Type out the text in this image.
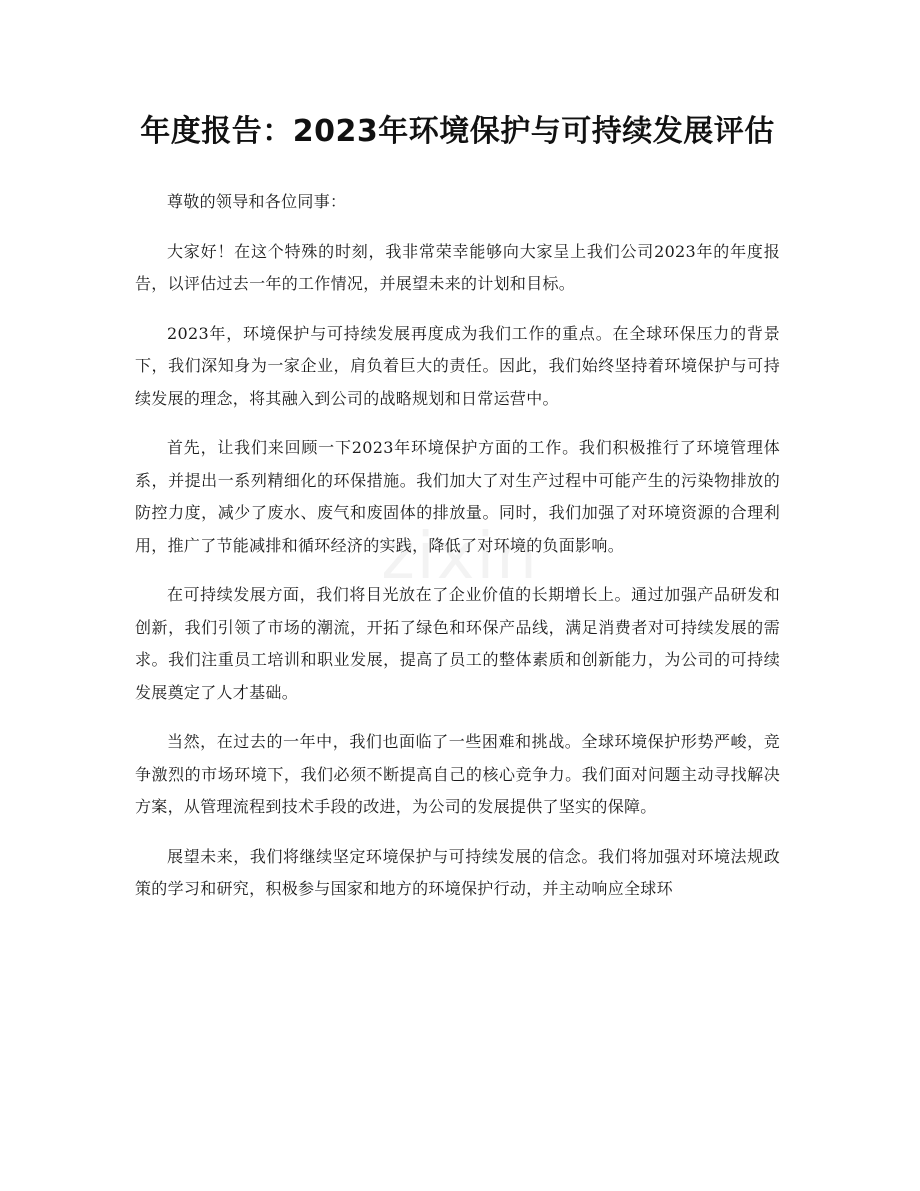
年度报告：2023年环境保护与可持续发展评估

尊敬的领导和各位同事：

大家好！在这个特殊的时刻，我非常荣幸能够向大家呈上我们公司2023年的年度报告，以评估过去一年的工作情况，并展望未来的计划和目标。

2023年，环境保护与可持续发展再度成为我们工作的重点。在全球环保压力的背景下，我们深知身为一家企业，肩负着巨大的责任。因此，我们始终坚持着环境保护与可持续发展的理念，将其融入到公司的战略规划和日常运营中。

首先，让我们来回顾一下2023年环境保护方面的工作。我们积极推行了环境管理体系，并提出一系列精细化的环保措施。我们加大了对生产过程中可能产生的污染物排放的防控力度，减少了废水、废气和废固体的排放量。同时，我们加强了对环境资源的合理利用，推广了节能减排和循环经济的实践，降低了对环境的负面影响。

在可持续发展方面，我们将目光放在了企业价值的长期增长上。通过加强产品研发和创新，我们引领了市场的潮流，开拓了绿色和环保产品线，满足消费者对可持续发展的需求。我们注重员工培训和职业发展，提高了员工的整体素质和创新能力，为公司的可持续发展奠定了人才基础。

当然，在过去的一年中，我们也面临了一些困难和挑战。全球环境保护形势严峻，竞争激烈的市场环境下，我们必须不断提高自己的核心竞争力。我们面对问题主动寻找解决方案，从管理流程到技术手段的改进，为公司的发展提供了坚实的保障。

展望未来，我们将继续坚定环境保护与可持续发展的信念。我们将加强对环境法规政策的学习和研究，积极参与国家和地方的环境保护行动，并主动响应全球环
